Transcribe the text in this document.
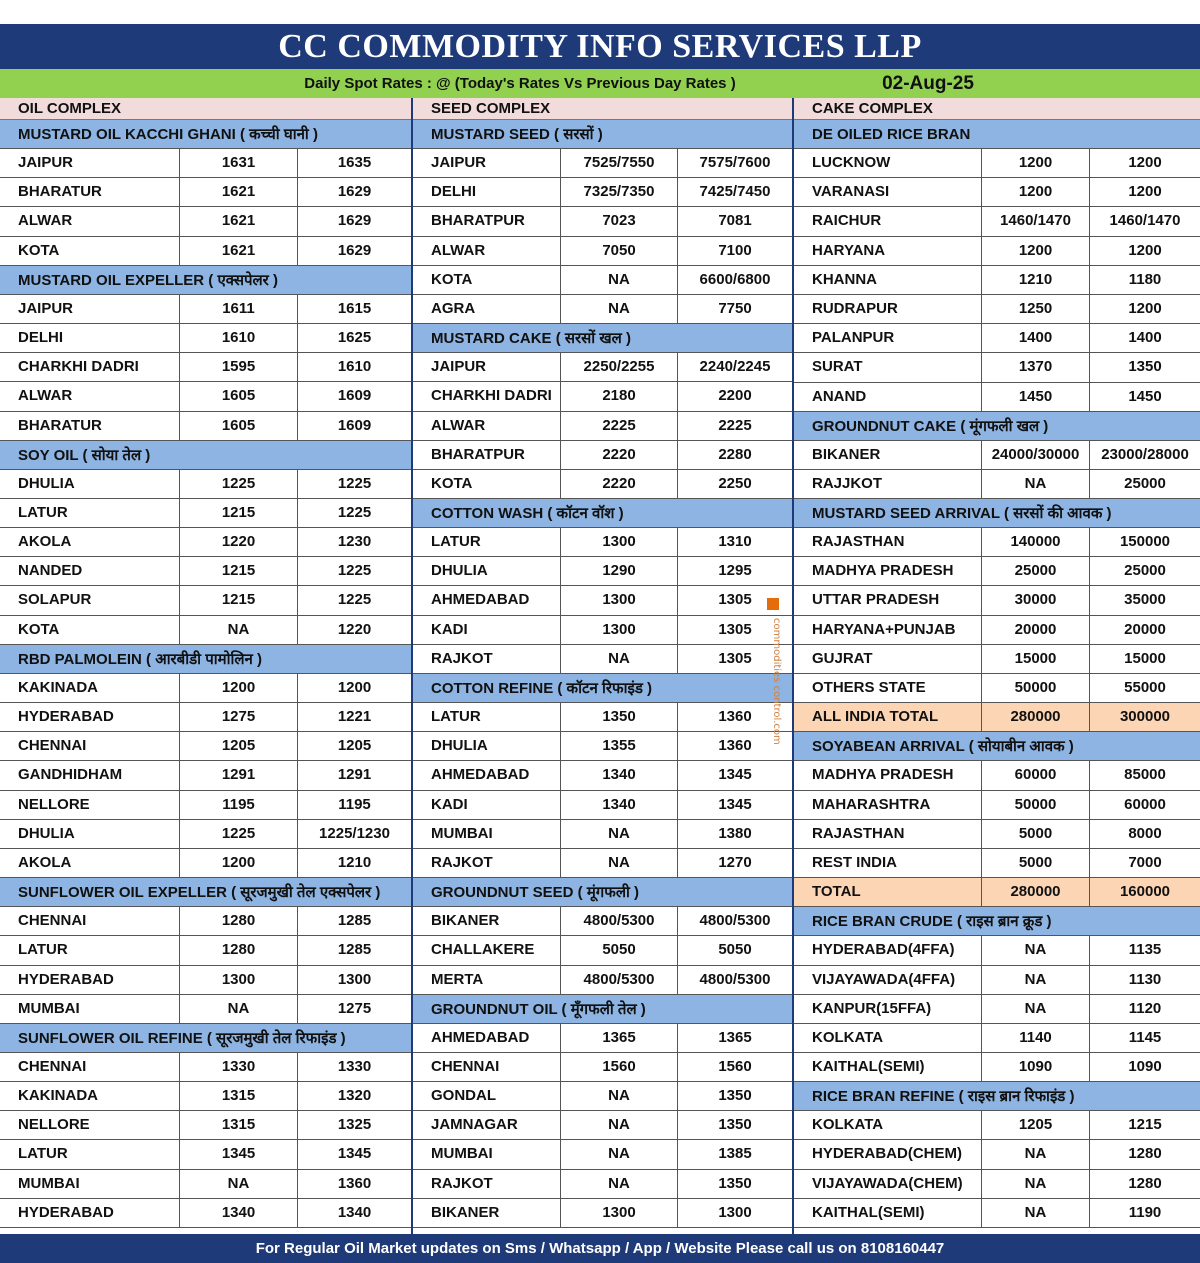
CC COMMODITY INFO SERVICES LLP
Daily Spot Rates : @ (Today's Rates Vs Previous Day Rates )	02-Aug-25
OIL COMPLEX
MUSTARD OIL KACCHI GHANI ( कच्ची घानी )
JAIPUR	1631	1635
BHARATUR	1621	1629
ALWAR	1621	1629
KOTA	1621	1629
MUSTARD OIL EXPELLER ( एक्सपेलर )
JAIPUR	1611	1615
DELHI	1610	1625
CHARKHI DADRI	1595	1610
ALWAR	1605	1609
BHARATUR	1605	1609
SOY OIL ( सोया तेल )
DHULIA	1225	1225
LATUR	1215	1225
AKOLA	1220	1230
NANDED	1215	1225
SOLAPUR	1215	1225
KOTA	NA	1220
RBD PALMOLEIN ( आरबीडी पामोलिन )
KAKINADA	1200	1200
HYDERABAD	1275	1221
CHENNAI	1205	1205
GANDHIDHAM	1291	1291
NELLORE	1195	1195
DHULIA	1225	1225/1230
AKOLA	1200	1210
SUNFLOWER OIL EXPELLER ( सूरजमुखी तेल एक्सपेलर )
CHENNAI	1280	1285
LATUR	1280	1285
HYDERABAD	1300	1300
MUMBAI	NA	1275
SUNFLOWER OIL REFINE ( सूरजमुखी तेल रिफाइंड )
CHENNAI	1330	1330
KAKINADA	1315	1320
NELLORE	1315	1325
LATUR	1345	1345
MUMBAI	NA	1360
HYDERABAD	1340	1340
SEED COMPLEX
MUSTARD SEED ( सरसों )
JAIPUR	7525/7550	7575/7600
DELHI	7325/7350	7425/7450
BHARATPUR	7023	7081
ALWAR	7050	7100
KOTA	NA	6600/6800
AGRA	NA	7750
MUSTARD CAKE ( सरसों खल )
JAIPUR	2250/2255	2240/2245
CHARKHI DADRI	2180	2200
ALWAR	2225	2225
BHARATPUR	2220	2280
KOTA	2220	2250
COTTON WASH ( कॉटन वॉश )
LATUR	1300	1310
DHULIA	1290	1295
AHMEDABAD	1300	1305
KADI	1300	1305
RAJKOT	NA	1305
COTTON REFINE ( कॉटन रिफाइंड )
LATUR	1350	1360
DHULIA	1355	1360
AHMEDABAD	1340	1345
KADI	1340	1345
MUMBAI	NA	1380
RAJKOT	NA	1270
GROUNDNUT SEED ( मूंगफली )
BIKANER	4800/5300	4800/5300
CHALLAKERE	5050	5050
MERTA	4800/5300	4800/5300
GROUNDNUT OIL ( मूँगफली तेल )
AHMEDABAD	1365	1365
CHENNAI	1560	1560
GONDAL	NA	1350
JAMNAGAR	NA	1350
MUMBAI	NA	1385
RAJKOT	NA	1350
BIKANER	1300	1300
CAKE COMPLEX
DE OILED RICE BRAN
LUCKNOW	1200	1200
VARANASI	1200	1200
RAICHUR	1460/1470	1460/1470
HARYANA	1200	1200
KHANNA	1210	1180
RUDRAPUR	1250	1200
PALANPUR	1400	1400
SURAT	1370	1350
ANAND	1450	1450
GROUNDNUT CAKE ( मूंगफली खल )
BIKANER	24000/30000	23000/28000
RAJJKOT	NA	25000
MUSTARD SEED ARRIVAL ( सरसों की आवक )
RAJASTHAN	140000	150000
MADHYA PRADESH	25000	25000
UTTAR PRADESH	30000	35000
HARYANA+PUNJAB	20000	20000
GUJRAT	15000	15000
OTHERS STATE	50000	55000
ALL INDIA TOTAL	280000	300000
SOYABEAN ARRIVAL ( सोयाबीन आवक )
MADHYA PRADESH	60000	85000
MAHARASHTRA	50000	60000
RAJASTHAN	5000	8000
REST INDIA	5000	7000
TOTAL	280000	160000
RICE BRAN CRUDE ( राइस ब्रान क्रूड )
HYDERABAD(4FFA)	NA	1135
VIJAYAWADA(4FFA)	NA	1130
KANPUR(15FFA)	NA	1120
KOLKATA	1140	1145
KAITHAL(SEMI)	1090	1090
RICE BRAN REFINE ( राइस ब्रान रिफाइंड )
KOLKATA	1205	1215
HYDERABAD(CHEM)	NA	1280
VIJAYAWADA(CHEM)	NA	1280
KAITHAL(SEMI)	NA	1190
commodities control.com
For Regular Oil Market updates on Sms / Whatsapp / App / Website Please call us on 8108160447
